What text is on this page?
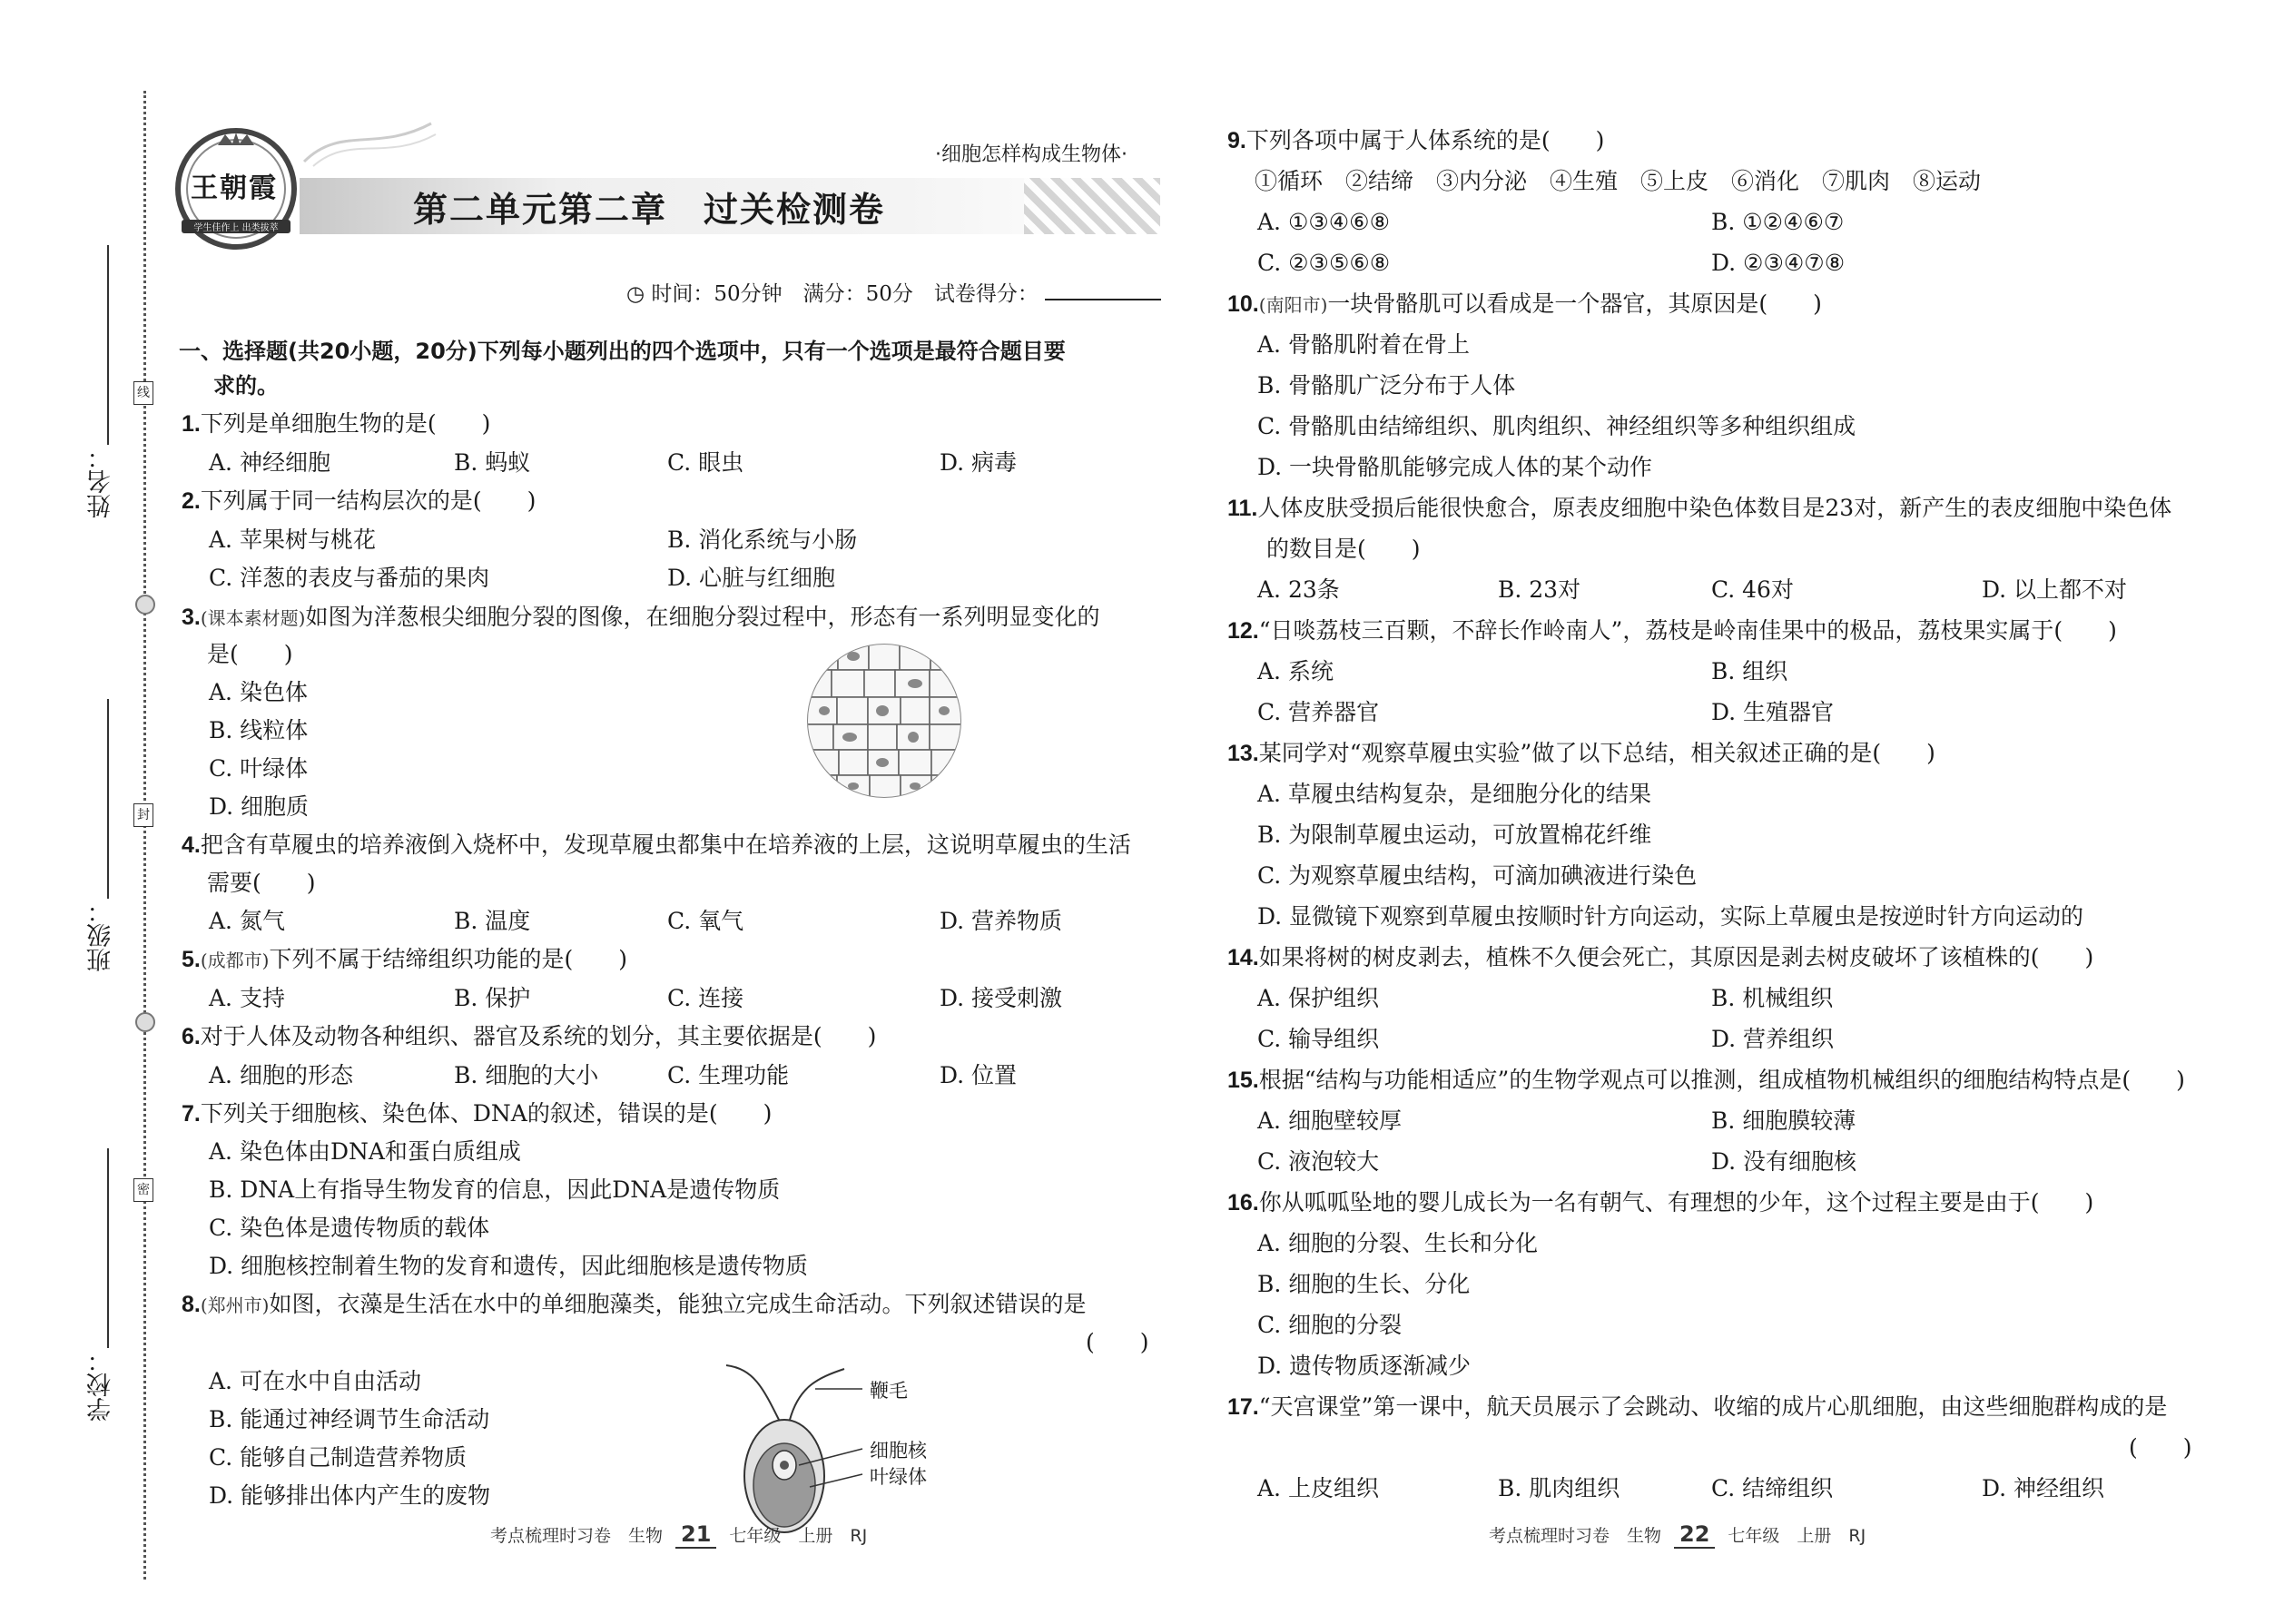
姓名：
线
班级：
封
学校：
密
王朝霞
学生佳作上 出类拔萃
·细胞怎样构成生物体·
第二单元第二章　过关检测卷
◷ 时间：50分钟　满分：50分　试卷得分：
一、选择题(共20小题，20分)下列每小题列出的四个选项中，只有一个选项是最符合题目要
求的。
1.下列是单细胞生物的是(　　)
A. 神经细胞	B. 蚂蚁	C. 眼虫	D. 病毒
2.下列属于同一结构层次的是(　　)
A. 苹果树与桃花	B. 消化系统与小肠
C. 洋葱的表皮与番茄的果肉	D. 心脏与红细胞
3.(课本素材题)如图为洋葱根尖细胞分裂的图像，在细胞分裂过程中，形态有一系列明显变化的
是(　　)
A. 染色体
B. 线粒体
C. 叶绿体
D. 细胞质
4.把含有草履虫的培养液倒入烧杯中，发现草履虫都集中在培养液的上层，这说明草履虫的生活
需要(　　)
A. 氮气	B. 温度	C. 氧气	D. 营养物质
5.(成都市)下列不属于结缔组织功能的是(　　)
A. 支持	B. 保护	C. 连接	D. 接受刺激
6.对于人体及动物各种组织、器官及系统的划分，其主要依据是(　　)
A. 细胞的形态	B. 细胞的大小	C. 生理功能	D. 位置
7.下列关于细胞核、染色体、DNA的叙述，错误的是(　　)
A. 染色体由DNA和蛋白质组成
B. DNA上有指导生物发育的信息，因此DNA是遗传物质
C. 染色体是遗传物质的载体
D. 细胞核控制着生物的发育和遗传，因此细胞核是遗传物质
8.(郑州市)如图，衣藻是生活在水中的单细胞藻类，能独立完成生命活动。下列叙述错误的是
(　　)
A. 可在水中自由活动
B. 能通过神经调节生命活动
C. 能够自己制造营养物质
D. 能够排出体内产生的废物
鞭毛
细胞核
叶绿体
9.下列各项中属于人体系统的是(　　)
①循环　②结缔　③内分泌　④生殖　⑤上皮　⑥消化　⑦肌肉　⑧运动
A. ①③④⑥⑧	B. ①②④⑥⑦
C. ②③⑤⑥⑧	D. ②③④⑦⑧
10.(南阳市)一块骨骼肌可以看成是一个器官，其原因是(　　)
A. 骨骼肌附着在骨上
B. 骨骼肌广泛分布于人体
C. 骨骼肌由结缔组织、肌肉组织、神经组织等多种组织组成
D. 一块骨骼肌能够完成人体的某个动作
11.人体皮肤受损后能很快愈合，原表皮细胞中染色体数目是23对，新产生的表皮细胞中染色体
的数目是(　　)
A. 23条	B. 23对	C. 46对	D. 以上都不对
12.“日啖荔枝三百颗，不辞长作岭南人”，荔枝是岭南佳果中的极品，荔枝果实属于(　　)
A. 系统	B. 组织
C. 营养器官	D. 生殖器官
13.某同学对“观察草履虫实验”做了以下总结，相关叙述正确的是(　　)
A. 草履虫结构复杂，是细胞分化的结果
B. 为限制草履虫运动，可放置棉花纤维
C. 为观察草履虫结构，可滴加碘液进行染色
D. 显微镜下观察到草履虫按顺时针方向运动，实际上草履虫是按逆时针方向运动的
14.如果将树的树皮剥去，植株不久便会死亡，其原因是剥去树皮破坏了该植株的(　　)
A. 保护组织	B. 机械组织
C. 输导组织	D. 营养组织
15.根据“结构与功能相适应”的生物学观点可以推测，组成植物机械组织的细胞结构特点是(　　)
A. 细胞壁较厚	B. 细胞膜较薄
C. 液泡较大	D. 没有细胞核
16.你从呱呱坠地的婴儿成长为一名有朝气、有理想的少年，这个过程主要是由于(　　)
A. 细胞的分裂、生长和分化
B. 细胞的生长、分化
C. 细胞的分裂
D. 遗传物质逐渐减少
17.“天宫课堂”第一课中，航天员展示了会跳动、收缩的成片心肌细胞，由这些细胞群构成的是
(　　)
A. 上皮组织	B. 肌肉组织	C. 结缔组织	D. 神经组织
考点梳理时习卷　生物 21 七年级　上册　RJ	考点梳理时习卷　生物 22 七年级　上册　RJ
